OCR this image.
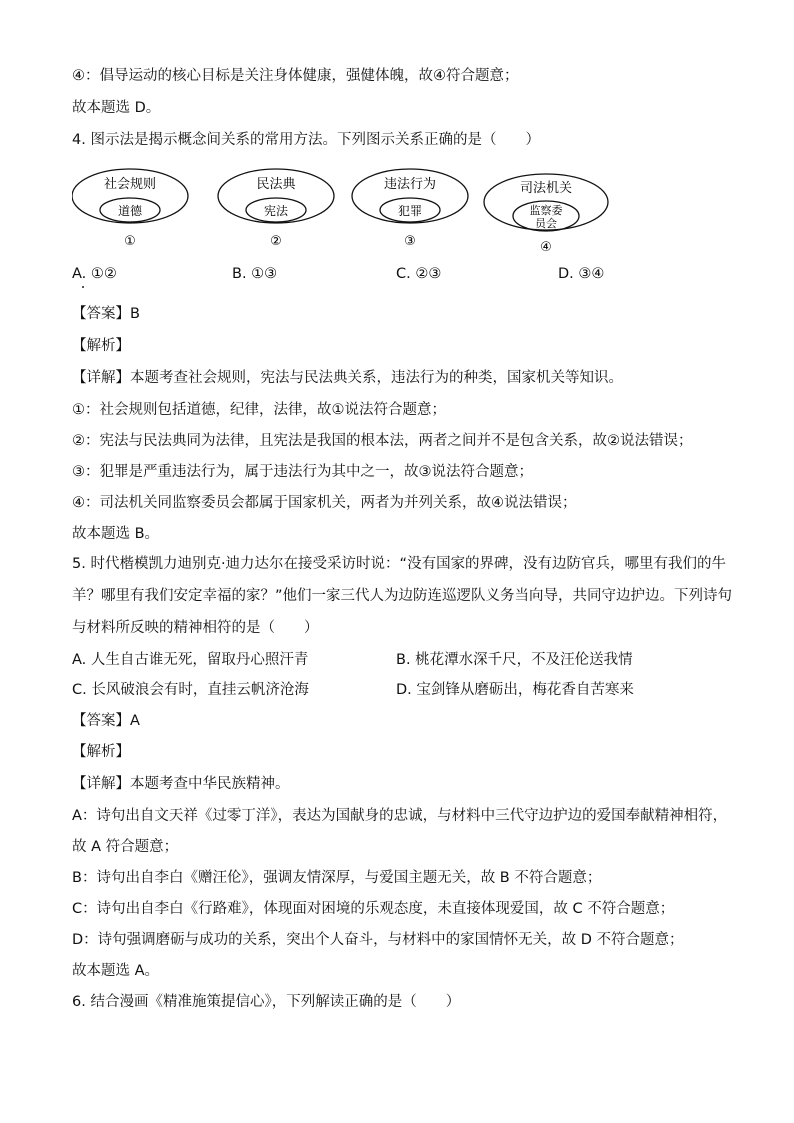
④：倡导运动的核心目标是关注身体健康，强健体魄，故④符合题意；
故本题选 D。
4. 图示法是揭示概念间关系的常用方法。下列图示关系正确的是（　　）
社会规则
道德
①
民法典
宪法
②
违法行为
犯罪
③
司法机关
监察委
员会
④
A. ①②	B. ①③	C. ②③	D. ③④
【答案】B
【解析】
【详解】本题考查社会规则，宪法与民法典关系，违法行为的种类，国家机关等知识。
①：社会规则包括道德，纪律，法律，故①说法符合题意；
②：宪法与民法典同为法律，且宪法是我国的根本法，两者之间并不是包含关系，故②说法错误；
③：犯罪是严重违法行为，属于违法行为其中之一，故③说法符合题意；
④：司法机关同监察委员会都属于国家机关，两者为并列关系，故④说法错误；
故本题选 B。
5. 时代楷模凯力迪别克·迪力达尔在接受采访时说：“没有国家的界碑，没有边防官兵，哪里有我们的牛
羊？哪里有我们安定幸福的家？”他们一家三代人为边防连巡逻队义务当向导，共同守边护边。下列诗句
与材料所反映的精神相符的是（　　）
A. 人生自古谁无死，留取丹心照汗青	B. 桃花潭水深千尺，不及汪伦送我情
C. 长风破浪会有时，直挂云帆济沧海	D. 宝剑锋从磨砺出，梅花香自苦寒来
【答案】A
【解析】
【详解】本题考查中华民族精神。
A：诗句出自文天祥《过零丁洋》，表达为国献身的忠诚，与材料中三代守边护边的爱国奉献精神相符，
故 A 符合题意；
B：诗句出自李白《赠汪伦》，强调友情深厚，与爱国主题无关，故 B 不符合题意；
C：诗句出自李白《行路难》，体现面对困境的乐观态度，未直接体现爱国，故 C 不符合题意；
D：诗句强调磨砺与成功的关系，突出个人奋斗，与材料中的家国情怀无关，故 D 不符合题意；
故本题选 A。
6. 结合漫画《精准施策提信心》，下列解读正确的是（　　）
